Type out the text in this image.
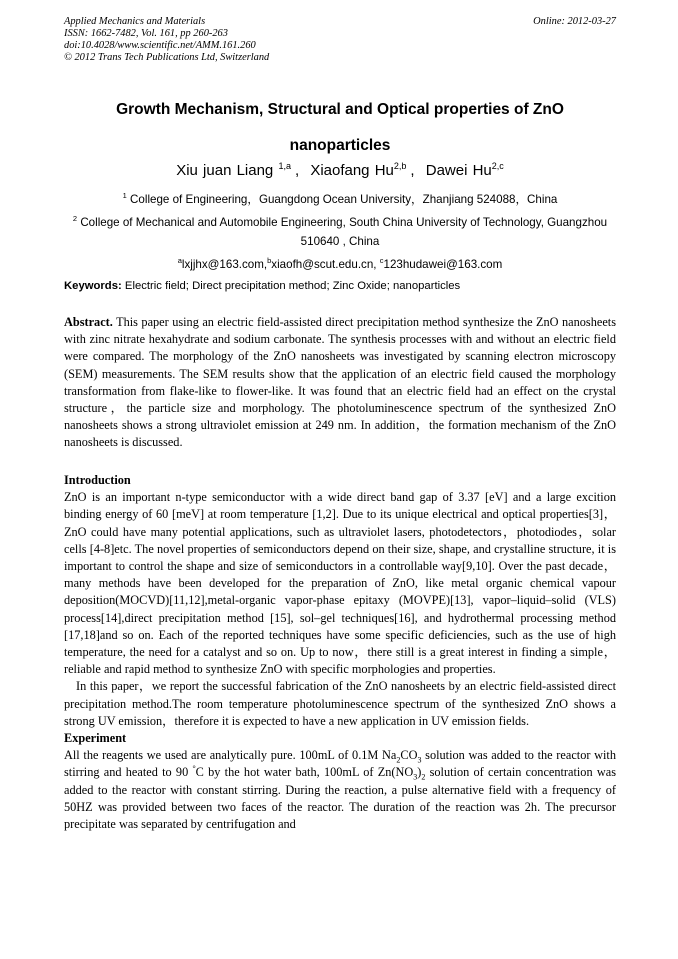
Applied Mechanics and Materials
ISSN: 1662-7482, Vol. 161, pp 260-263
doi:10.4028/www.scientific.net/AMM.161.260
© 2012 Trans Tech Publications Ltd, Switzerland
Online: 2012-03-27
Growth Mechanism, Structural and Optical properties of ZnO nanoparticles
Xiu juan Liang $^{1,a}$ , Xiaofang Hu$^{2,b}$ , Dawei Hu$^{2,c}$
$^1$ College of Engineering，Guangdong Ocean University，Zhanjiang 524088，China
$^2$ College of Mechanical and Automobile Engineering, South China University of Technology, Guangzhou 510640 , China
$^a$lxjjhx@163.com,$^b$xiaofh@scut.edu.cn, $^c$123hudawei@163.com
Keywords: Electric field; Direct precipitation method; Zinc Oxide; nanoparticles

Abstract. This paper using an electric field-assisted direct precipitation method synthesize the ZnO nanosheets with zinc nitrate hexahydrate and sodium carbonate. The synthesis processes with and without an electric field were compared. The morphology of the ZnO nanosheets was investigated by scanning electron microscopy (SEM) measurements. The SEM results show that the application of an electric field caused the morphology transformation from flake-like to flower-like. It was found that an electric field had an effect on the crystal structure，the particle size and morphology. The photoluminescence spectrum of the synthesized ZnO nanosheets shows a strong ultraviolet emission at 249 nm. In addition，the formation mechanism of the ZnO nanosheets is discussed.

Introduction

ZnO is an important n-type semiconductor with a wide direct band gap of 3.37 [eV] and a large excition binding energy of 60 [meV] at room temperature [1,2]. Due to its unique electrical and optical properties[3]，ZnO could have many potential applications, such as ultraviolet lasers, photodetectors，photodiodes，solar cells [4-8]etc. The novel properties of semiconductors depend on their size, shape, and crystalline structure, it is important to control the shape and size of semiconductors in a controllable way[9,10]. Over the past decade，many methods have been developed for the preparation of ZnO, like metal organic chemical vapour deposition(MOCVD)[11,12],metal-organic vapor-phase epitaxy (MOVPE)[13], vapor–liquid–solid (VLS) process[14],direct precipitation method [15], sol–gel techniques[16], and hydrothermal processing method [17,18]and so on. Each of the reported techniques have some specific deficiencies, such as the use of high temperature, the need for a catalyst and so on. Up to now，there still is a great interest in finding a simple，reliable and rapid method to synthesize ZnO with specific morphologies and properties.

In this paper，we report the successful fabrication of the ZnO nanosheets by an electric field-assisted direct precipitation method.The room temperature photoluminescence spectrum of the synthesized ZnO shows a strong UV emission，therefore it is expected to have a new application in UV emission fields.

Experiment

All the reagents we used are analytically pure. 100mL of 0.1M $Na_2CO_3$ solution was added to the reactor with stirring and heated to 90 °C by the hot water bath, 100mL of $Zn(NO_3)_2$ solution of certain concentration was added to the reactor with constant stirring. During the reaction, a pulse alternative field with a frequency of 50HZ was provided between two faces of the reactor. The duration of the reaction was 2h. The precursor precipitate was separated by centrifugation and
